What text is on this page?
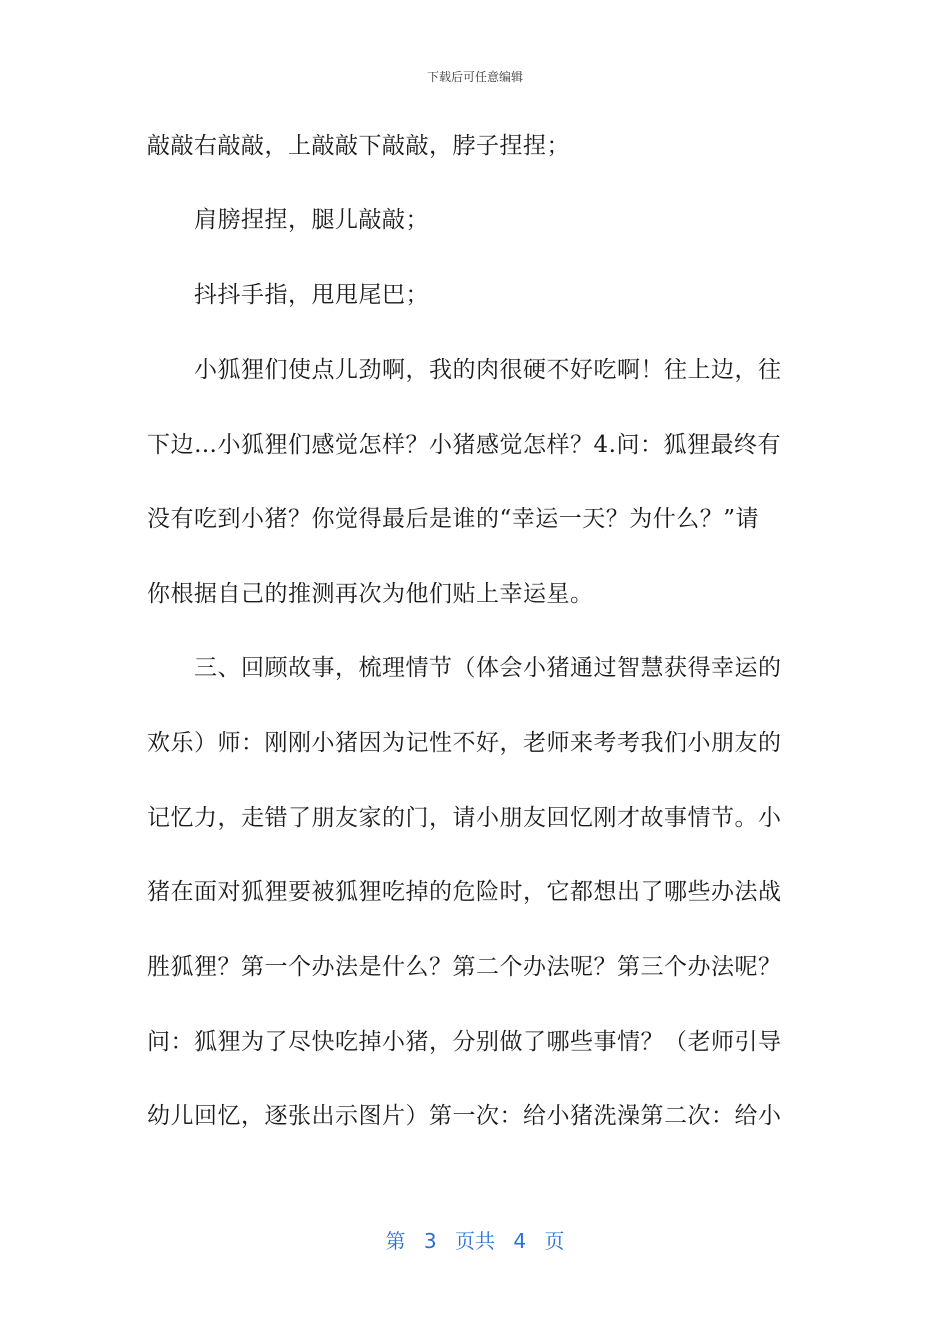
下载后可任意编辑
敲敲右敲敲，上敲敲下敲敲，脖子捏捏；
　　肩膀捏捏，腿儿敲敲；
　　抖抖手指，甩甩尾巴；
　　小狐狸们使点儿劲啊，我的肉很硬不好吃啊！往上边，往
下边…小狐狸们感觉怎样？小猪感觉怎样？4.问：狐狸最终有
没有吃到小猪？你觉得最后是谁的“幸运一天？为什么？”请
你根据自己的推测再次为他们贴上幸运星。
　　三、回顾故事，梳理情节（体会小猪通过智慧获得幸运的
欢乐）师：刚刚小猪因为记性不好，老师来考考我们小朋友的
记忆力，走错了朋友家的门，请小朋友回忆刚才故事情节。小
猪在面对狐狸要被狐狸吃掉的危险时，它都想出了哪些办法战
胜狐狸？第一个办法是什么？第二个办法呢？第三个办法呢？
问：狐狸为了尽快吃掉小猪，分别做了哪些事情？（老师引导
幼儿回忆，逐张出示图片）第一次：给小猪洗澡第二次：给小
第 3 页共 4 页
